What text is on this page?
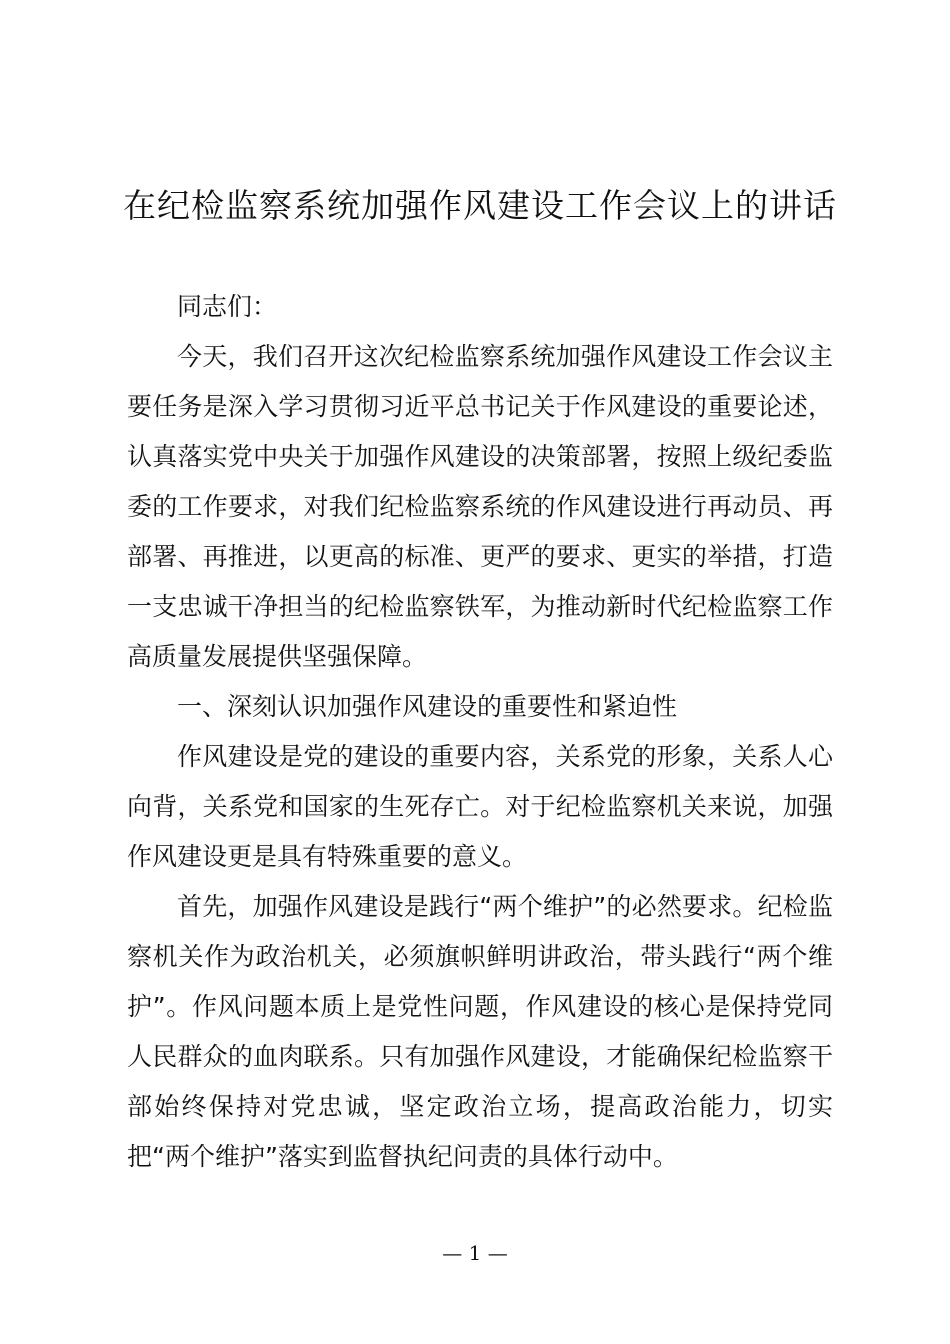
在纪检监察系统加强作风建设工作会议上的讲话

同志们：

今天，我们召开这次纪检监察系统加强作风建设工作会议主要任务是深入学习贯彻习近平总书记关于作风建设的重要论述，认真落实党中央关于加强作风建设的决策部署，按照上级纪委监委的工作要求，对我们纪检监察系统的作风建设进行再动员、再部署、再推进，以更高的标准、更严的要求、更实的举措，打造一支忠诚干净担当的纪检监察铁军，为推动新时代纪检监察工作高质量发展提供坚强保障。

一、深刻认识加强作风建设的重要性和紧迫性

作风建设是党的建设的重要内容，关系党的形象，关系人心向背，关系党和国家的生死存亡。对于纪检监察机关来说，加强作风建设更是具有特殊重要的意义。

首先，加强作风建设是践行“两个维护”的必然要求。纪检监察机关作为政治机关，必须旗帜鲜明讲政治，带头践行“两个维护”。作风问题本质上是党性问题，作风建设的核心是保持党同人民群众的血肉联系。只有加强作风建设，才能确保纪检监察干部始终保持对党忠诚，坚定政治立场，提高政治能力，切实把“两个维护”落实到监督执纪问责的具体行动中。

— 1 —
